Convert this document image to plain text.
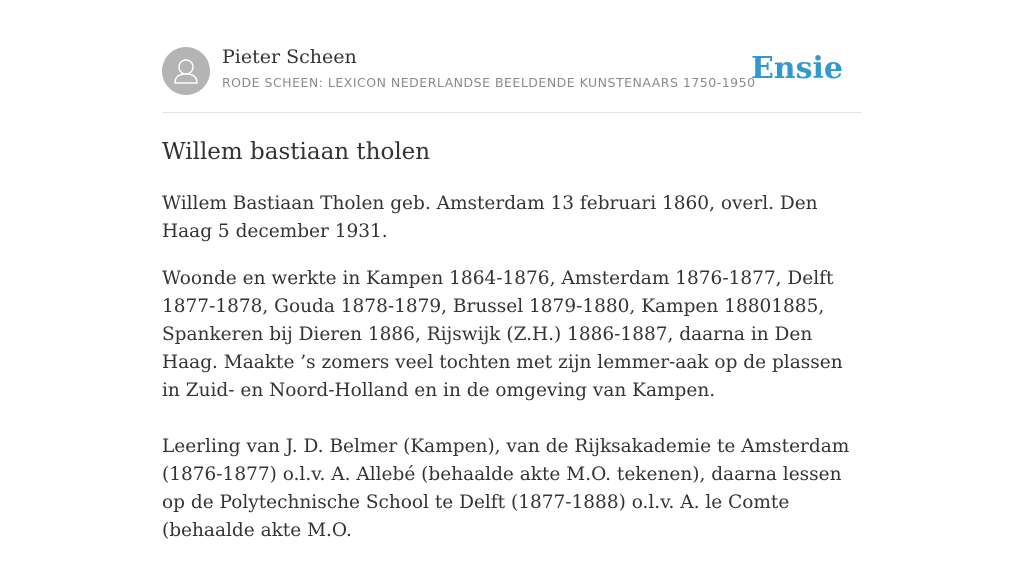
Pieter Scheen
RODE SCHEEN: LEXICON NEDERLANDSE BEELDENDE KUNSTENAARS 1750-1950
Ensie
Willem bastiaan tholen

Willem Bastiaan Tholen geb. Amsterdam 13 februari 1860, overl. Den Haag 5 december 1931.

Woonde en werkte in Kampen 1864-1876, Amsterdam 1876-1877, Delft 1877-1878, Gouda 1878-1879, Brussel 1879-1880, Kampen 18801885, Spankeren bij Dieren 1886, Rijswijk (Z.H.) 1886-1887, daarna in Den Haag. Maakte ’s zomers veel tochten met zijn lemmer-aak op de plassen in Zuid- en Noord-Holland en in de omgeving van Kampen.

Leerling van J. D. Belmer (Kampen), van de Rijksakademie te Amsterdam (1876-1877) o.l.v. A. Allebé (behaalde akte M.O. tekenen), daarna lessen op de Polytechnische School te Delft (1877-1888) o.l.v. A. le Comte (behaalde akte M.O.
